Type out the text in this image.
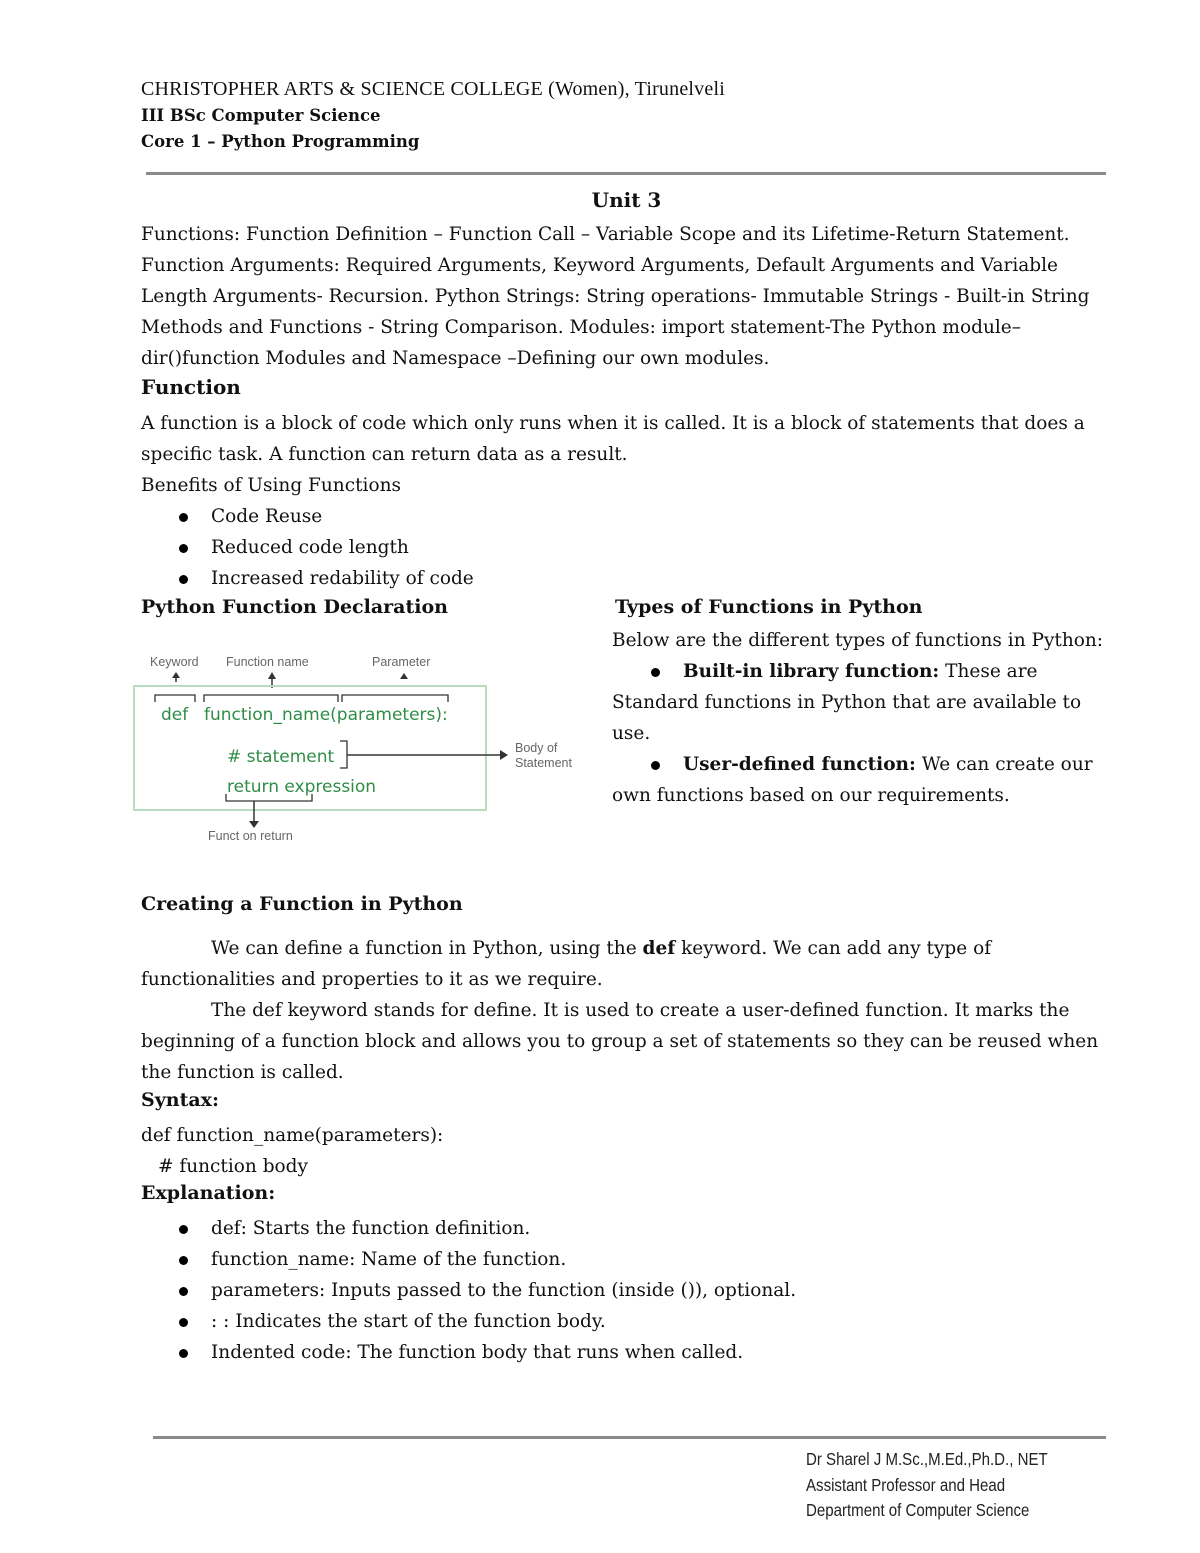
CHRISTOPHER ARTS & SCIENCE COLLEGE (Women), Tirunelveli
III BSc Computer Science
Core 1 – Python Programming
Unit 3

Functions: Function Definition – Function Call – Variable Scope and its Lifetime-Return Statement. Function Arguments: Required Arguments, Keyword Arguments, Default Arguments and Variable Length Arguments- Recursion. Python Strings: String operations- Immutable Strings - Built-in String Methods and Functions - String Comparison. Modules: import statement-The Python module–dir()function Modules and Namespace –Defining our own modules.

Function

A function is a block of code which only runs when it is called. It is a block of statements that does a specific task. A function can return data as a result.

Benefits of Using Functions
Code Reuse
Reduced code length
Increased redability of code
Python Function Declaration
Keyword Function name	Parameter
def function_name(parameters):
# statement
return expression
Body of
Statement
Funct on return
Types of Functions in Python
Below are the different types of functions in Python:
Built-in library function: These are
Standard functions in Python that are available to use.
User-defined function: We can create our
own functions based on our requirements.
Creating a Function in Python

We can define a function in Python, using the def keyword. We can add any type of functionalities and properties to it as we require.

The def keyword stands for define. It is used to create a user-defined function. It marks the beginning of a function block and allows you to group a set of statements so they can be reused when the function is called.

Syntax:
def function_name(parameters):
# function body
Explanation:
def: Starts the function definition.
function_name: Name of the function.
parameters: Inputs passed to the function (inside ()), optional.
: : Indicates the start of the function body.
Indented code: The function body that runs when called.
Dr Sharel J M.Sc.,M.Ed.,Ph.D., NET
Assistant Professor and Head
Department of Computer Science
